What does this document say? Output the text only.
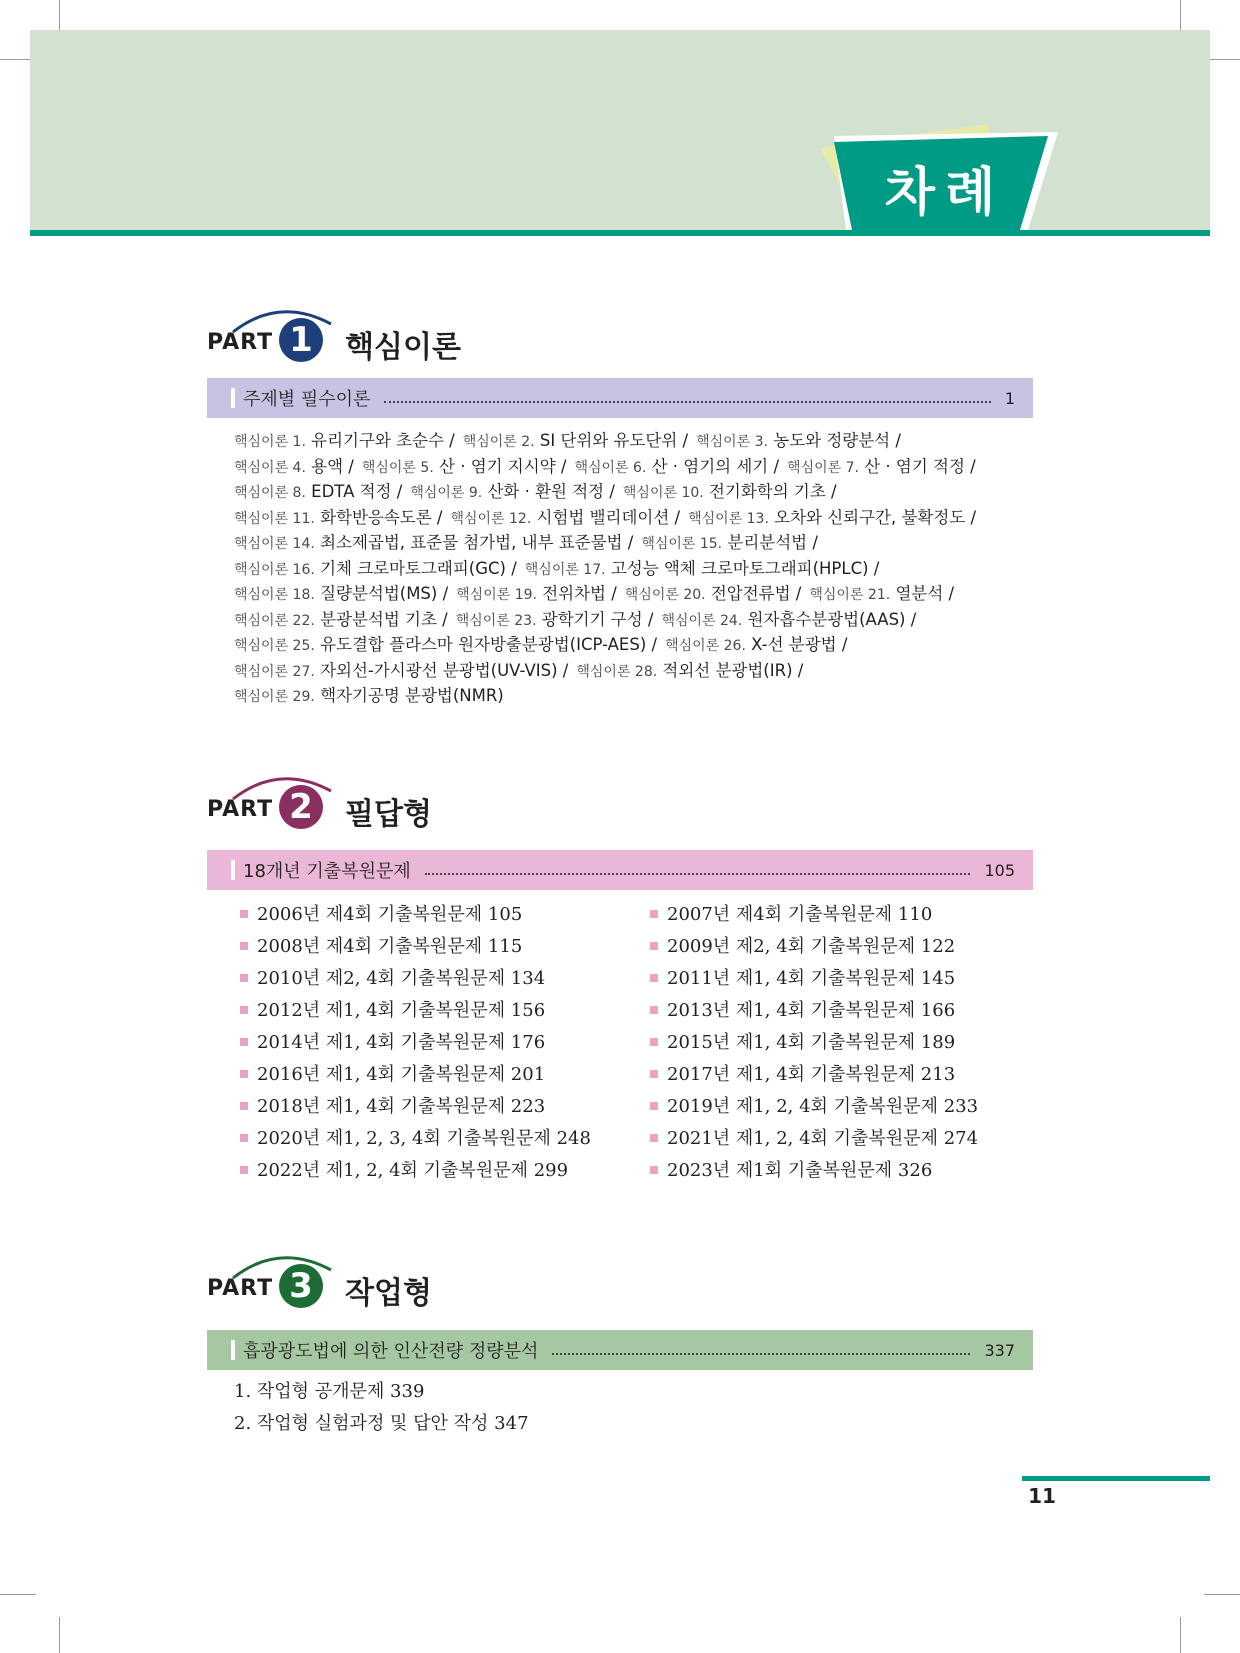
차례
PART 1	핵심이론
주제별 필수이론	1
핵심이론 1. 유리기구와 초순수 / 핵심이론 2. SI 단위와 유도단위 / 핵심이론 3. 농도와 정량분석 /
핵심이론 4. 용액 / 핵심이론 5. 산 · 염기 지시약 / 핵심이론 6. 산 · 염기의 세기 / 핵심이론 7. 산 · 염기 적정 /
핵심이론 8. EDTA 적정 / 핵심이론 9. 산화 · 환원 적정 / 핵심이론 10. 전기화학의 기초 /
핵심이론 11. 화학반응속도론 / 핵심이론 12. 시험법 밸리데이션 / 핵심이론 13. 오차와 신뢰구간, 불확정도 /
핵심이론 14. 최소제곱법, 표준물 첨가법, 내부 표준물법 / 핵심이론 15. 분리분석법 /
핵심이론 16. 기체 크로마토그래피(GC) / 핵심이론 17. 고성능 액체 크로마토그래피(HPLC) /
핵심이론 18. 질량분석법(MS) / 핵심이론 19. 전위차법 / 핵심이론 20. 전압전류법 / 핵심이론 21. 열분석 /
핵심이론 22. 분광분석법 기초 / 핵심이론 23. 광학기기 구성 / 핵심이론 24. 원자흡수분광법(AAS) /
핵심이론 25. 유도결합 플라스마 원자방출분광법(ICP-AES) / 핵심이론 26. X-선 분광법 /
핵심이론 27. 자외선-가시광선 분광법(UV-VIS) / 핵심이론 28. 적외선 분광법(IR) /
핵심이론 29. 핵자기공명 분광법(NMR)
PART 2	필답형
18개년 기출복원문제	105
2006년 제4회 기출복원문제 105	2007년 제4회 기출복원문제 110
2008년 제4회 기출복원문제 115	2009년 제2, 4회 기출복원문제 122
2010년 제2, 4회 기출복원문제 134	2011년 제1, 4회 기출복원문제 145
2012년 제1, 4회 기출복원문제 156	2013년 제1, 4회 기출복원문제 166
2014년 제1, 4회 기출복원문제 176	2015년 제1, 4회 기출복원문제 189
2016년 제1, 4회 기출복원문제 201	2017년 제1, 4회 기출복원문제 213
2018년 제1, 4회 기출복원문제 223	2019년 제1, 2, 4회 기출복원문제 233
2020년 제1, 2, 3, 4회 기출복원문제 248	2021년 제1, 2, 4회 기출복원문제 274
2022년 제1, 2, 4회 기출복원문제 299	2023년 제1회 기출복원문제 326
PART 3	작업형
흡광광도법에 의한 인산전량 정량분석	337
1. 작업형 공개문제 339
2. 작업형 실험과정 및 답안 작성 347
11
